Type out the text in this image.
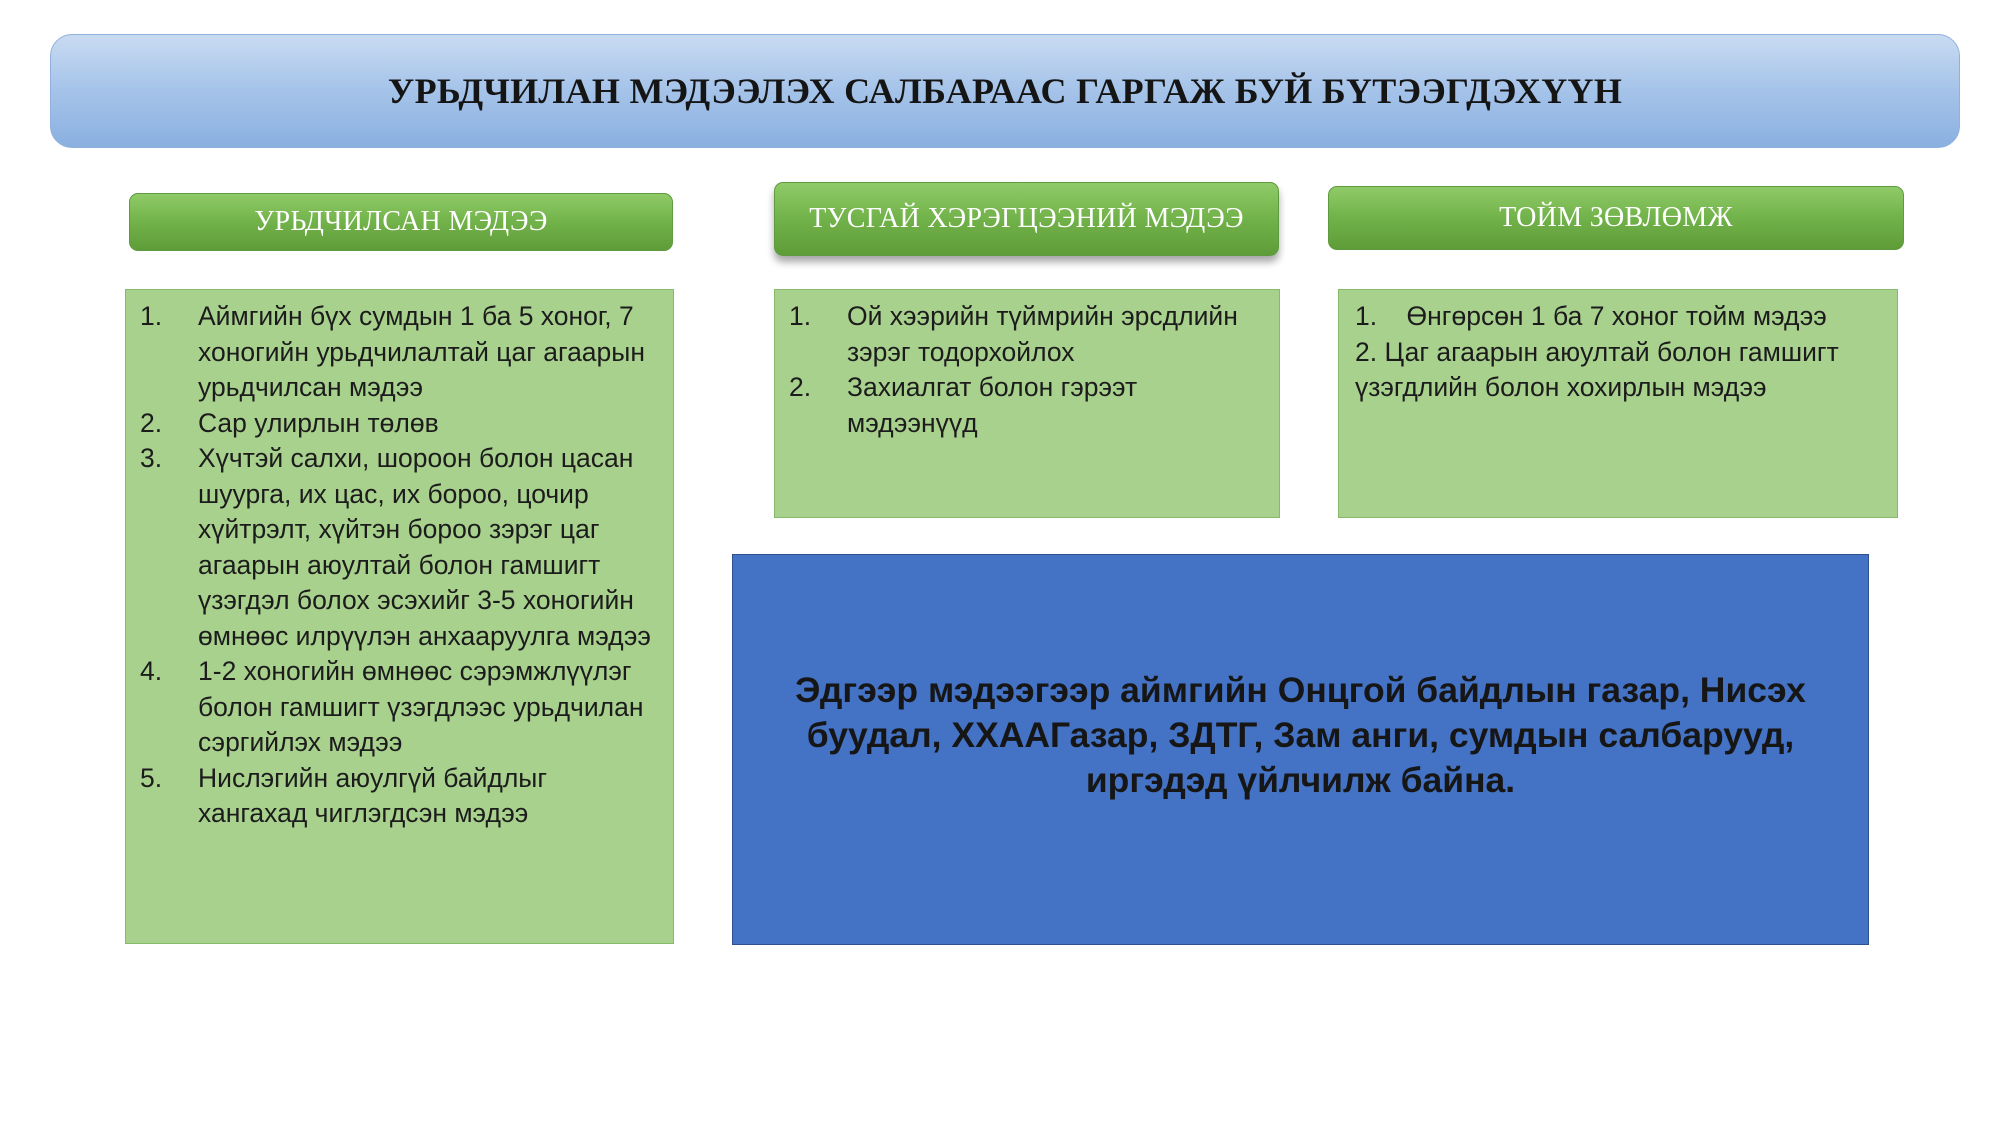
УРЬДЧИЛАН МЭДЭЭЛЭХ САЛБАРААС ГАРГАЖ БУЙ БҮТЭЭГДЭХҮҮН
УРЬДЧИЛСАН МЭДЭЭ
1.	Аймгийн бүх сумдын 1 ба 5 хоног, 7 хоногийн урьдчилалтай цаг агаарын урьдчилсан мэдээ
2.	Сар улирлын төлөв
3.	Хүчтэй салхи, шороон болон цасан шуурга, их цас, их бороо, цочир хүйтрэлт, хүйтэн бороо зэрэг цаг агаарын аюултай болон гамшигт үзэгдэл болох эсэхийг 3-5 хоногийн өмнөөс илрүүлэн анхааруулга мэдээ
4.	1-2 хоногийн өмнөөс сэрэмжлүүлэг болон гамшигт үзэгдлээс урьдчилан сэргийлэх мэдээ
5.	Нислэгийн аюулгүй байдлыг хангахад чиглэгдсэн мэдээ
ТУСГАЙ ХЭРЭГЦЭЭНИЙ МЭДЭЭ
1.	Ой хээрийн түймрийн эрсдлийн зэрэг тодорхойлох
2.	Захиалгат болон гэрээт мэдээнүүд
ТОЙМ ЗӨВЛӨМЖ
1.    Өнгөрсөн 1 ба 7 хоног тойм мэдээ
2. Цаг агаарын аюултай болон гамшигт үзэгдлийн болон хохирлын мэдээ
Эдгээр мэдээгээр аймгийн Онцгой байдлын газар, Нисэх буудал, ХХААГазар, ЗДТГ, Зам анги, сумдын салбарууд, иргэдэд үйлчилж байна.
